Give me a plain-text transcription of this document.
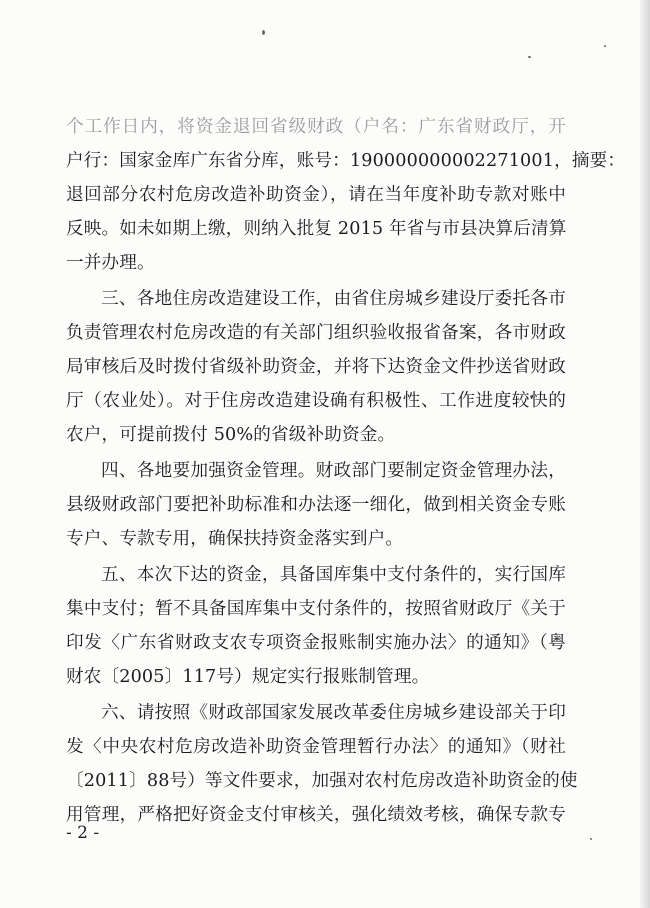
个工作日内，将资金退回省级财政（户名：广东省财政厅，开
户行：国家金库广东省分库，账号：190000000002271001，摘要：
退回部分农村危房改造补助资金），请在当年度补助专款对账中
反映。如未如期上缴，则纳入批复 2015 年省与市县决算后清算
一并办理。
三、各地住房改造建设工作，由省住房城乡建设厅委托各市
负责管理农村危房改造的有关部门组织验收报省备案，各市财政
局审核后及时拨付省级补助资金，并将下达资金文件抄送省财政
厅（农业处）。对于住房改造建设确有积极性、工作进度较快的
农户，可提前拨付 50%的省级补助资金。
四、各地要加强资金管理。财政部门要制定资金管理办法，
县级财政部门要把补助标准和办法逐一细化，做到相关资金专账
专户、专款专用，确保扶持资金落实到户。
五、本次下达的资金，具备国库集中支付条件的，实行国库
集中支付；暂不具备国库集中支付条件的，按照省财政厅《关于
印发〈广东省财政支农专项资金报账制实施办法〉的通知》（粤
财农〔2005〕117号）规定实行报账制管理。
六、请按照《财政部国家发展改革委住房城乡建设部关于印
发〈中央农村危房改造补助资金管理暂行办法〉的通知》（财社
〔2011〕88号）等文件要求，加强对农村危房改造补助资金的使
用管理，严格把好资金支付审核关，强化绩效考核，确保专款专
- 2 -
